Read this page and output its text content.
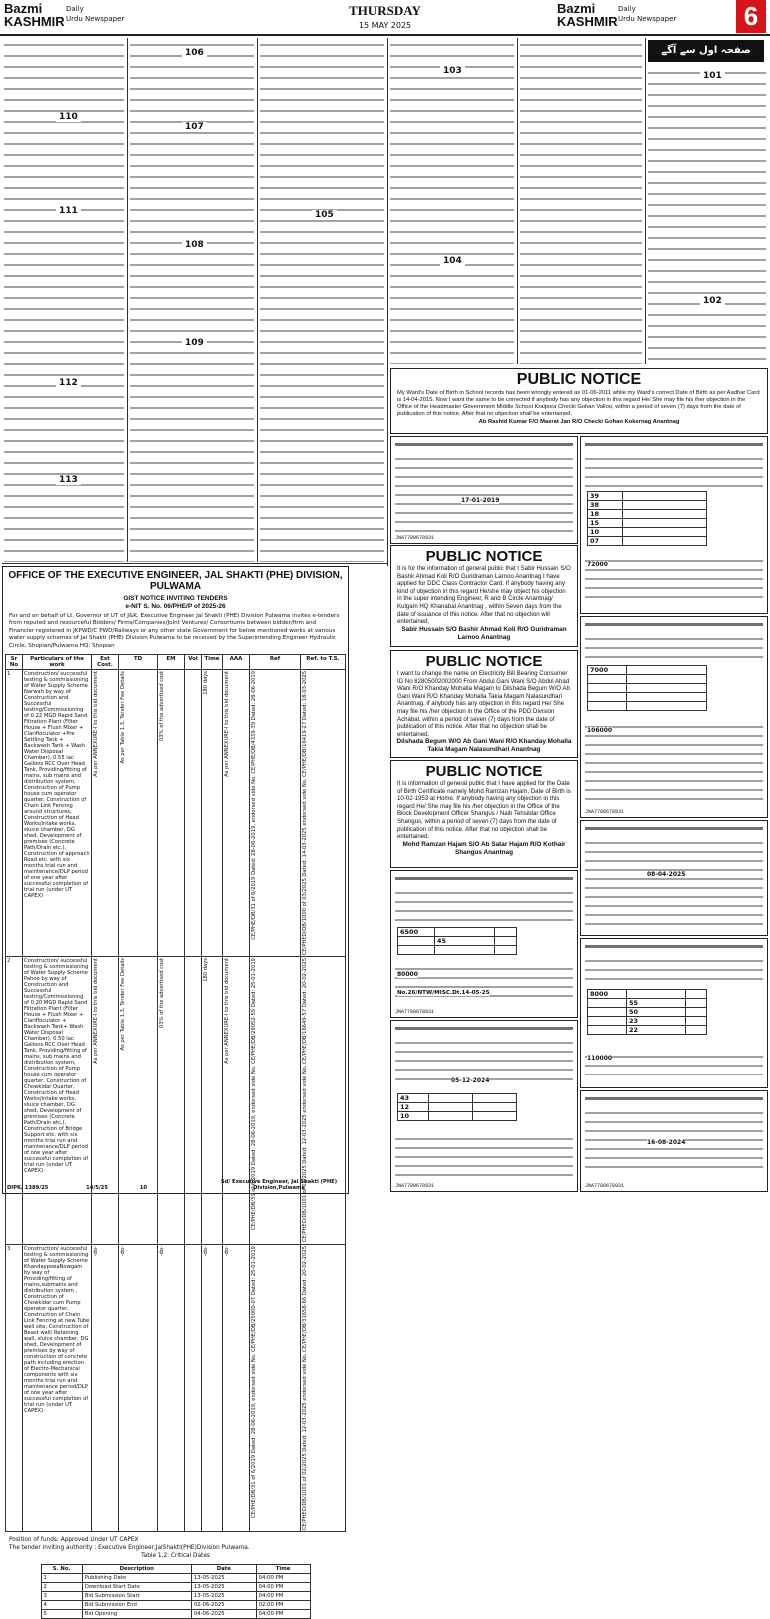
Bazmi
KASHMIR
Daily
Urdu Newspaper
THURSDAY
15 MAY 2025
Bazmi
KASHMIR
Daily
Urdu Newspaper	6
صفحہ اول سے آگے
110
111
112
113
106
107
108
109
103
104
105
101
102
PUBLIC NOTICE
My Ward's Date of Birth in School records has been wrongly entered as 01-06-2011 while my Ward's correct Date of Birth as per Aadhar Card is 14-04-2015. Now I want the same to be corrected if anybody has any objection in this regard He/ She may file his /her objection in the Office of the Headmaster Government Middle School Kralpora Checki Gohan Valloo, within a period of seven (7) days from the date of publication of this notice. After that no objection shall be entertained.
Ab Rashid Kumar F/O Masrat Jan R/O Checki Gohan Kokernag Anantnag
PUBLIC NOTICE
It is for the information of general public that I Sabir Hussain S/O Bashir Ahmad Koli R/O Guridraman Larnoo Anantnag I have applied for DDC Class Contractor Card. If anybody having any kind of objection in this regard He/she may object his objection in the super intending Engineer, R and B Circle Anantnag/ Kulgam HQ Khanabal Anantnag , within Seven days from the date of issuance of this notice. After that no objection will entertained.
Sabir Hussain S/O Bashir Ahmad Koli R/O Guridraman Larnoo Anantnag
PUBLIC NOTICE
I want to change the name on Electricity Bill Bearing Consumer ID No 82805002002000 From Abdul Gani Wani S/O Abdul Ahad Wani R/O Khanday Mohalla Magam to Dilshada Begum W/O Ab Gani Wani R/O Khanday Mohalla Takia Magam Nalasundhari Anantnag, if anybody has any objection in this regard He/ She may file his /her objection in the Office of the PDD Division Achabal, within a period of seven (7) days from the date of publication of this notice. After that no objection shall be entertained.
Dilshada Begum W/O Ab Gani Wani R/O Khanday Mohalla Takia Magam Nalasundhari Anantnag
PUBLIC NOTICE
It is information of general public that I have applied for the Date of Birth Certificate namely Mohd Ramzan Hajam, Date of Birth is 10-02-1953 at Home. If anybody having any objection in this regard He/ She may file his /her objection in the Office of the Block Development Officer Shangus / Naib Tehsildar Office Shangus, within a period of seven (7) days from the date of publication of this notice. After that no objection shall be entertained.
Mohd Ramzan Hajam S/O Ab Satar Hajam R/O Kothair Shangus Anantnag
17-01-2019
JNA7780678931
6500		
	45	

80000
No.26/NTW/MISC.Dt.14-05-25
JNA7780678931
05-12-2024
43		
12		
10		
JNA7780678931
39	
38	
18	
15	
10	
07	
72000
7000	

106000
JNA7780678931
08-04-2025
8000		
	55	
	50	
	23	
	22	
110000
16-08-2024
JNA7780678931
OFFICE OF THE EXECUTIVE ENGINEER, JAL SHAKTI (PHE) DIVISION, PULWAMA
GIST NOTICE INVITING TENDERS
e-NIT S. No. 06/PHE/P of 2025-26
For and on behalf of Lt. Governor of UT of J&K, Executive Engineer Jal Shakti (PHE) Division Pulwama invites e-tenders from reputed and resourceful Bidders/ Firms/Companies/Joint Ventures/ Consortiums between bidder/firm and Financier registered in JKPWD/C PWD/Railways or any other state Government for below mentioned works at various water supply schemes of Jal Shakti (PHE) Division Pulwama to be received by the Superintending Engineer Hydraulic Circle, Shopian/Pulwama HQ: Shopian
Sr No	Particulars of the work	Est Cost.	TD	EM	Vol	Time	AAA	Ref	Ref. to T.S.
1	Construction/ successful testing & commissioning of Water Supply Scheme Narwah by way of Construction and Successful testing/Commissioning of 0.22 MGD Rapid Sand Filtration Plant (Filter House + Flush Mixer + Clarifloculator +Pre Settling Tank + Backwash Tank + Wash Water Disposal Chamber), 0.55 lac Gallons RCC Over Head Tank, Providing/fitting of mains, sub mains and distribution system, Construction of Pump house cum operator quarter, Construction of Chain Link Fencing around structures, Construction of Head Works/intake works, sluice chamber, DG shed, Development of premises (Concrete Path/Drain etc.), Construction of approach Road etc. with six months trial run and maintenance/DLP period of one year after successful completion of trial run (under UT CAPEX)	As per ANNEXURE-I to this bid document	As per Table 1.3, Tender Fee Details	03% of the advertised cost		180 days	As per ANNEXURE-I to this bid document	CE/PHE/DB/31 of 6/2019 Dated: 28-06-2019, endorsed vide No. CE/PHE/DB/4339-39 Dated: 28-06-2019	CE/PHED/DB/1000 of 03/2025 Dated: 14-03-2025 endorsed vide No. CE/PHE/DB/16419-27 Dated: 18-03-2025

2	Construction/ successful testing & commissioning of Water Supply Scheme Pahoo by way of Construction and Successful testing/Commissioning of 0.20 MGD Rapid Sand Filtration Plant (Filter House + Flush Mixer + Clarifloculator + Backwash Tank+ Wash Water Disposal Chamber), 0.50 lac Gallons RCC Over Head Tank, Providing/fitting of mains, sub mains and distribution system, Construction of Pump house cum operator quarter, Construction of Chowkidar Quarter, Construction of Head Works/intake works, sluice chamber, DG shed, Development of premises (Concrete Path/Drain etc.), Construction of Bridge Support etc. with six months trial run and maintenance/DLP period of one year after successful completion of trial run (under UT CAPEX)	As per ANNEXURE-I to this bid document	As per Table 1.3, Tender Fee Details	03% of the advertised cost		180 days	As per ANNEXURE-I to this bid document	CE/PHE/DB/31 of 6/2019 Dated: 28-06-2019, endorsed vide No. CE/PHE/DB/29052-59 Dated: 25-01-2019	CE/PHED/DB/1001 of 02/2025 Dated: 12-03-2025 endorsed vide No. CE/PHE/DB/16649-57 Dated: 20-02-2025

3	Construction/ successful testing & commissioning of Water Supply Scheme KhandaypoeaNowgam by way of Providing/fitting of mains,submains and distribution system , Construction of Chowkidar cum Pump operator quarter, Construction of Chain Link Fencing at new Tube well site, Construction of Beast wall/ Retaining wall, sluice chamber, DG shed, Development of premises by way of construction of concrete path including erection of Electro-Mechanical components with six months trial run and maintenance period/DLP of one year after successful completion of trial run (under UT CAPEX)	-do-	-do-	-do-		-do-	-do-	CE/PHE/DB/31 of 6/2019 Dated: 28-06-2019, endorsed vide No. CE/PHE/DB/25000-07 Dated: 25-01-2019	CE/PHED/DB/1001 of 02/2025 Dated: 12-03-2025 endorsed vide No. CE/PHE/DB/31658-66 Dated: 20-02-2025
Position of funds: Approved Under UT CAPEX
The tender inviting authority : Executive Engineer,JalShakti(PHE)Division Pulwama.
Table 1.2: Critical Dates
S. No.	Description	Date	Time
1	Publishing Date	13-05-2025	04:00 PM
2	Download Start Date	13-05-2025	04:00 PM
3	Bid Submission Start	13-05-2025	04:00 PM
4	Bid Submission End	02-06-2025	02:00 PM
5	Bid Opening	04-06-2025	04:00 PM
DIPK/ 1389/25	14/5/25	10
Sd/ Executive Engineer, Jal Shakti (PHE) Division,Pulwama
